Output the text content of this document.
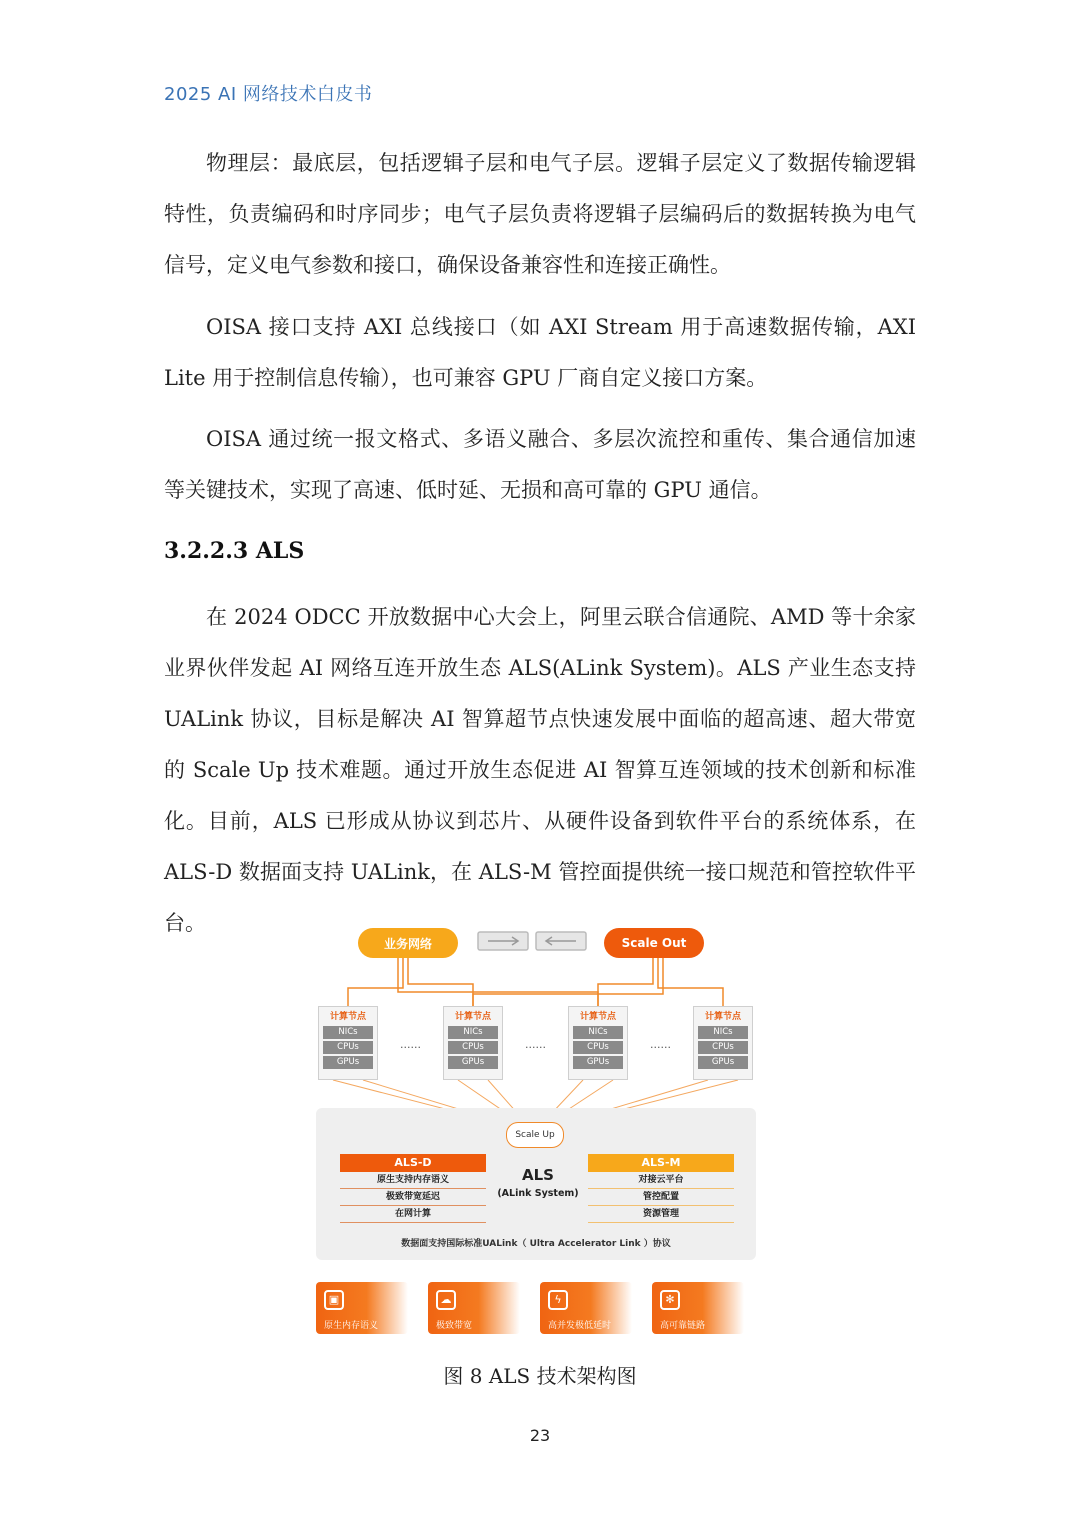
2025 AI 网络技术白皮书

物理层：最底层，包括逻辑子层和电气子层。逻辑子层定义了数据传输逻辑特性，负责编码和时序同步；电气子层负责将逻辑子层编码后的数据转换为电气信号，定义电气参数和接口，确保设备兼容性和连接正确性。

OISA 接口支持 AXI 总线接口（如 AXI Stream 用于高速数据传输，AXI Lite 用于控制信息传输），也可兼容 GPU 厂商自定义接口方案。

OISA 通过统一报文格式、多语义融合、多层次流控和重传、集合通信加速等关键技术，实现了高速、低时延、无损和高可靠的 GPU 通信。

3.2.2.3 ALS

在 2024 ODCC 开放数据中心大会上，阿里云联合信通院、AMD 等十余家业界伙伴发起 AI 网络互连开放生态 ALS(ALink System)。ALS 产业生态支持 UALink 协议，目标是解决 AI 智算超节点快速发展中面临的超高速、超大带宽的 Scale Up 技术难题。通过开放生态促进 AI 智算互连领域的技术创新和标准化。目前，ALS 已形成从协议到芯片、从硬件设备到软件平台的系统体系，在 ALS-D 数据面支持 UALink，在 ALS-M 管控面提供统一接口规范和管控软件平台。

业务网络	Scale Out
计算节点
NICs
CPUs
GPUs
......
计算节点
NICs
CPUs
GPUs
......
计算节点
NICs
CPUs
GPUs
......
计算节点
NICs
CPUs
GPUs
Scale Up
ALS-D
原生支持内存语义
极致带宽延迟
在网计算
ALS
(ALink System)
ALS-M
对接云平台
管控配置
资源管理
数据面支持国际标准UALink（ Ultra Accelerator Link ）协议
▣
原生内存语义
☁
极致带宽
ϟ
高并发极低延时
✻
高可靠链路

图 8 ALS 技术架构图

23
